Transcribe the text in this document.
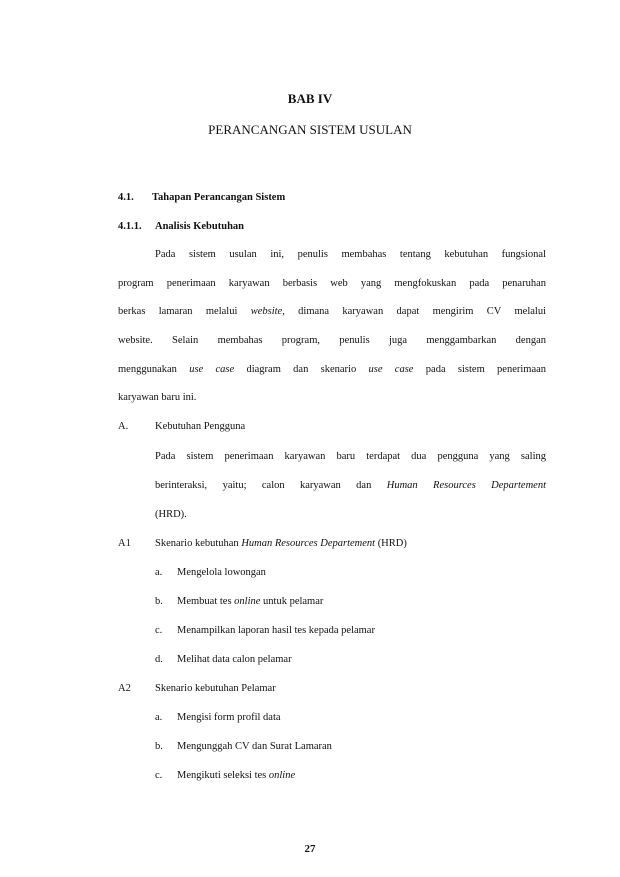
BAB IV
PERANCANGAN SISTEM USULAN
4.1. Tahapan Perancangan Sistem
4.1.1. Analisis Kebutuhan
Pada sistem usulan ini, penulis membahas tentang kebutuhan fungsional
program penerimaan karyawan berbasis web yang mengfokuskan pada penaruhan
berkas lamaran melalui website, dimana karyawan dapat mengirim CV melalui
website. Selain membahas program, penulis juga menggambarkan dengan
menggunakan use case diagram dan skenario use case pada sistem penerimaan
karyawan baru ini.
A.	Kebutuhan Pengguna
Pada sistem penerimaan karyawan baru terdapat dua pengguna yang saling
berinteraksi, yaitu; calon karyawan dan Human Resources Departement
(HRD).
A1 Skenario kebutuhan Human Resources Departement (HRD)
a. Mengelola lowongan
b. Membuat tes online untuk pelamar
c. Menampilkan laporan hasil tes kepada pelamar
d. Melihat data calon pelamar
A2 Skenario kebutuhan Pelamar
a. Mengisi form profil data
b. Mengunggah CV dan Surat Lamaran
c. Mengikuti seleksi tes online
27
